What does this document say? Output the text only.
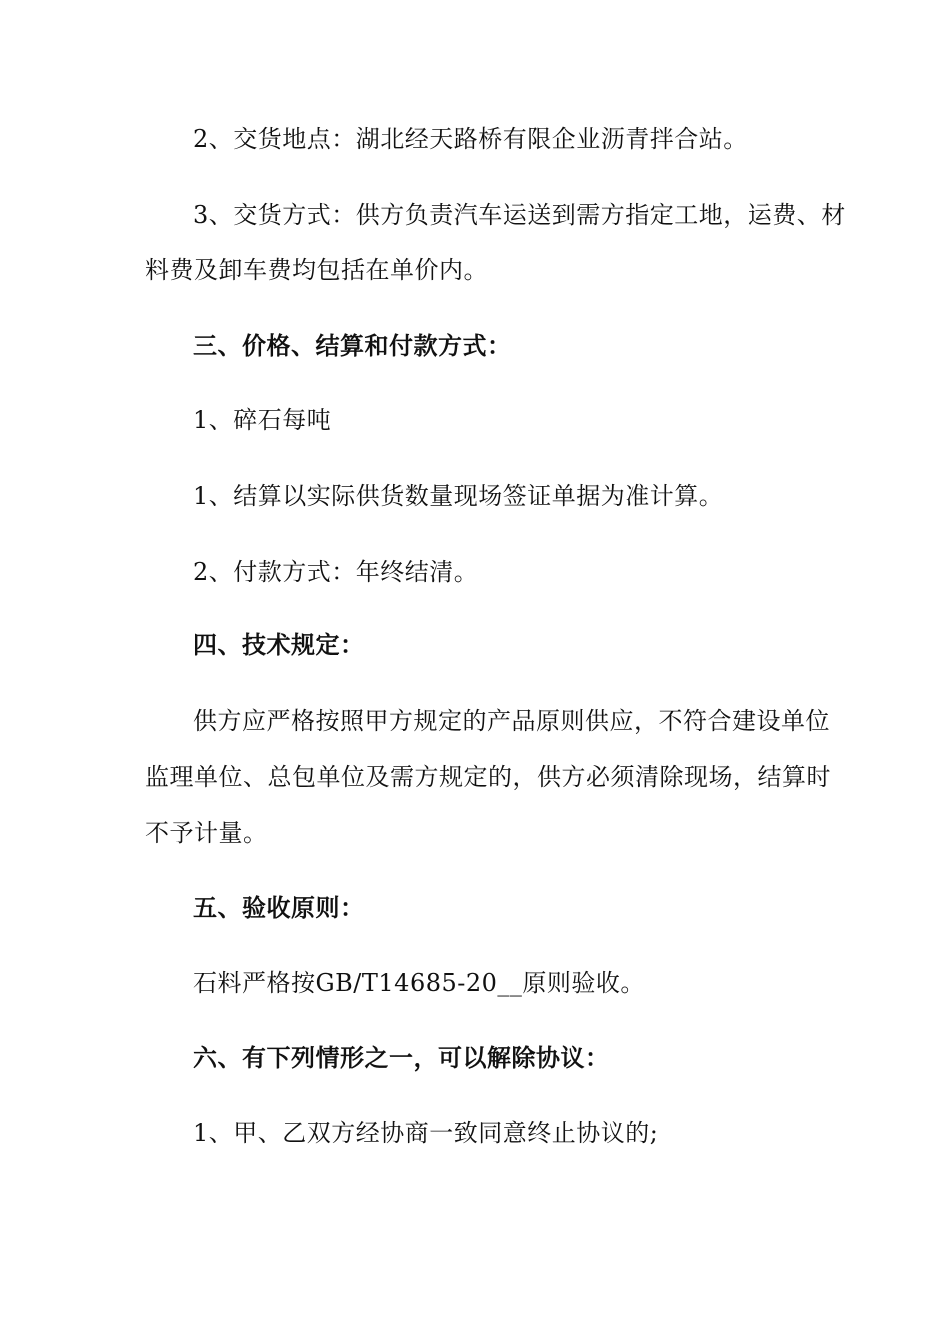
2、交货地点：湖北经天路桥有限企业沥青拌合站。
3、交货方式：供方负责汽车运送到需方指定工地，运费、材
料费及卸车费均包括在单价内。
三、价格、结算和付款方式：
1、碎石每吨
1、结算以实际供货数量现场签证单据为准计算。
2、付款方式：年终结清。
四、技术规定：
供方应严格按照甲方规定的产品原则供应，不符合建设单位
监理单位、总包单位及需方规定的，供方必须清除现场，结算时
不予计量。
五、验收原则：
石料严格按GB/T14685-20__原则验收。
六、有下列情形之一，可以解除协议：
1、甲、乙双方经协商一致同意终止协议的;
